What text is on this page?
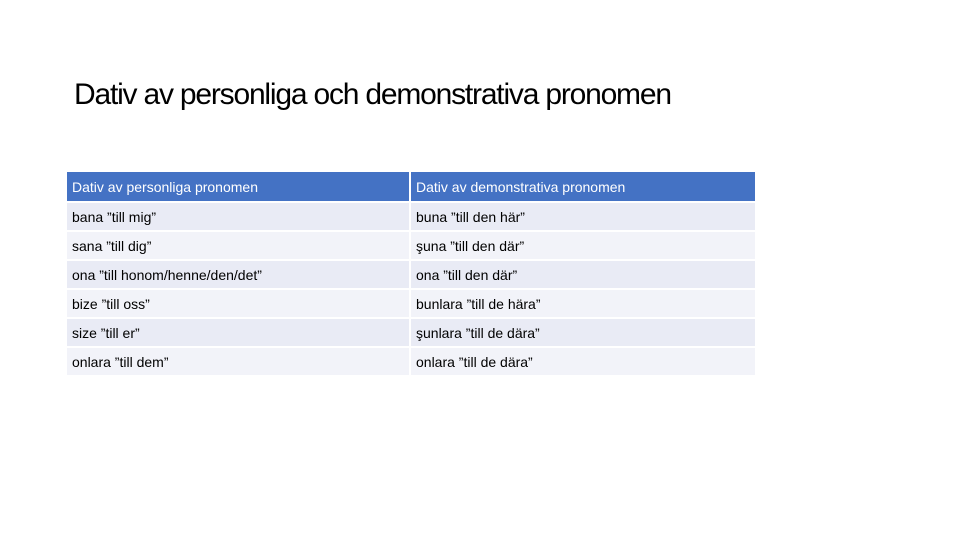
Dativ av personliga och demonstrativa pronomen
Dativ av personliga pronomen	Dativ av demonstrativa pronomen
bana ”till mig”	buna ”till den här”
sana ”till dig”	şuna ”till den där”
ona ”till honom/henne/den/det”	ona ”till den där”
bize ”till oss”	bunlara ”till de hära”
size ”till er”	şunlara ”till de dära”
onlara ”till dem”	onlara ”till de dära”
